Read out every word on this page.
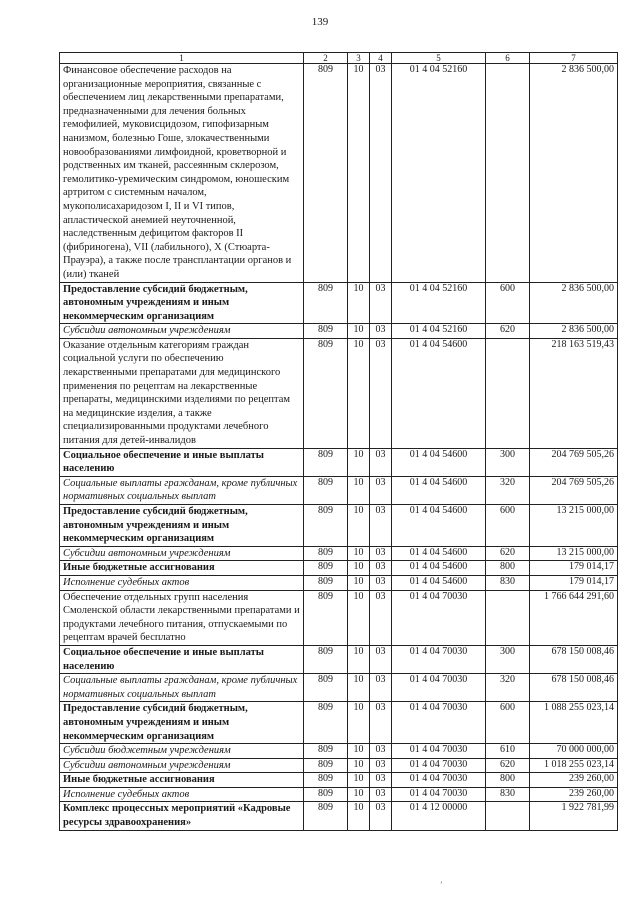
139
1	2	3	4	5	6	7
Финансовое обеспечение расходов на организационные мероприятия, связанные с обеспечением лиц лекарственными препаратами, предназначенными для лечения больных гемофилией, муковисцидозом, гипофизарным нанизмом, болезнью Гоше, злокачественными новообразованиями лимфоидной, кроветворной и родственных им тканей, рассеянным склерозом, гемолитико-уремическим синдромом, юношеским артритом с системным началом, мукополисахаридозом I, II и VI типов, апластической анемией неуточненной, наследственным дефицитом факторов II (фибриногена), VII (лабильного), X (Стюарта-Прауэра), а также после трансплантации органов и (или) тканей	809	10	03	01 4 04 52160		2 836 500,00
Предоставление субсидий бюджетным, автономным учреждениям и иным некоммерческим организациям	809	10	03	01 4 04 52160	600	2 836 500,00
Субсидии автономным учреждениям	809	10	03	01 4 04 52160	620	2 836 500,00
Оказание отдельным категориям граждан социальной услуги по обеспечению лекарственными препаратами для медицинского применения по рецептам на лекарственные препараты, медицинскими изделиями по рецептам на медицинские изделия, а также специализированными продуктами лечебного питания для детей-инвалидов	809	10	03	01 4 04 54600		218 163 519,43
Социальное обеспечение и иные выплаты населению	809	10	03	01 4 04 54600	300	204 769 505,26
Социальные выплаты гражданам, кроме публичных нормативных социальных выплат	809	10	03	01 4 04 54600	320	204 769 505,26
Предоставление субсидий бюджетным, автономным учреждениям и иным некоммерческим организациям	809	10	03	01 4 04 54600	600	13 215 000,00
Субсидии автономным учреждениям	809	10	03	01 4 04 54600	620	13 215 000,00
Иные бюджетные ассигнования	809	10	03	01 4 04 54600	800	179 014,17
Исполнение судебных актов	809	10	03	01 4 04 54600	830	179 014,17
Обеспечение отдельных групп населения Смоленской области лекарственными препаратами и продуктами лечебного питания, отпускаемыми по рецептам врачей бесплатно	809	10	03	01 4 04 70030		1 766 644 291,60
Социальное обеспечение и иные выплаты населению	809	10	03	01 4 04 70030	300	678 150 008,46
Социальные выплаты гражданам, кроме публичных нормативных социальных выплат	809	10	03	01 4 04 70030	320	678 150 008,46
Предоставление субсидий бюджетным, автономным учреждениям и иным некоммерческим организациям	809	10	03	01 4 04 70030	600	1 088 255 023,14
Субсидии бюджетным учреждениям	809	10	03	01 4 04 70030	610	70 000 000,00
Субсидии автономным учреждениям	809	10	03	01 4 04 70030	620	1 018 255 023,14
Иные бюджетные ассигнования	809	10	03	01 4 04 70030	800	239 260,00
Исполнение судебных актов	809	10	03	01 4 04 70030	830	239 260,00
Комплекс процессных мероприятий «Кадровые ресурсы здравоохранения»	809	10	03	01 4 12 00000		1 922 781,99
ʼ
